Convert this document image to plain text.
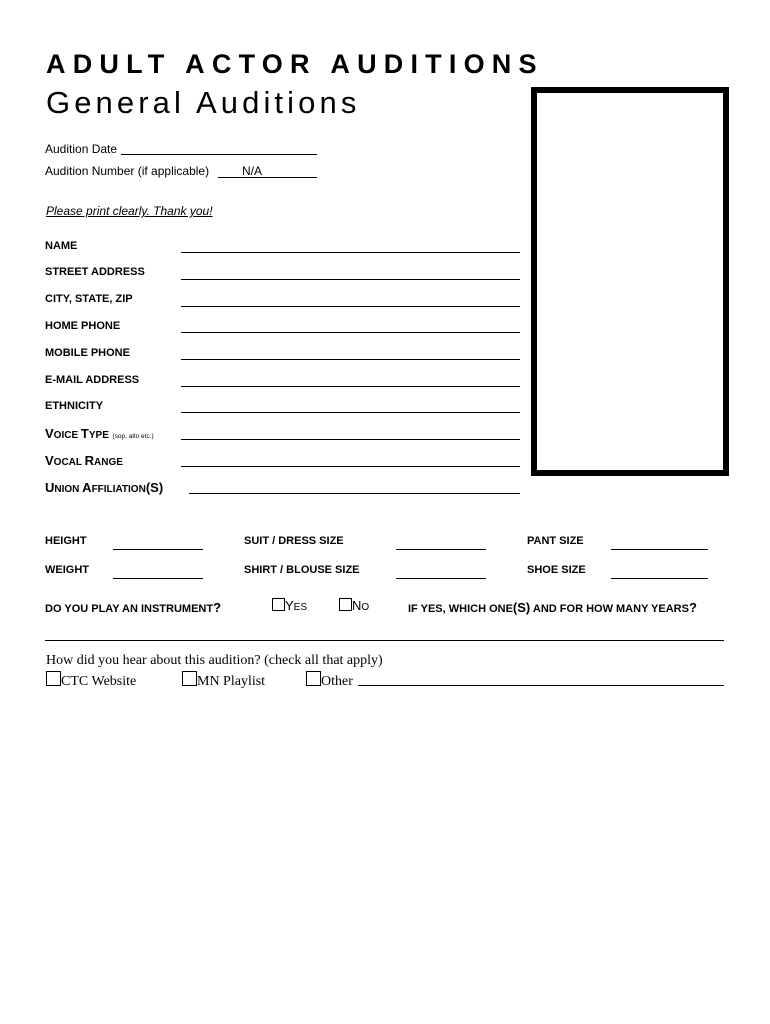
ADULT ACTOR AUDITIONS
General Auditions
Audition Date
Audition Number (if applicable)	N/A
Please print clearly. Thank you!
NAME
STREET ADDRESS
CITY, STATE, ZIP
HOME PHONE
MOBILE PHONE
E-MAIL ADDRESS
ETHNICITY
VOICE TYPE (sop, alto etc.)
VOCAL RANGE
UNION AFFILIATION(S)
HEIGHT	SUIT / DRESS SIZE	PANT SIZE
WEIGHT	SHIRT / BLOUSE SIZE	SHOE SIZE
DO YOU PLAY AN INSTRUMENT?	YES	NO	IF YES, WHICH ONE(S) AND FOR HOW MANY YEARS?
How did you hear about this audition? (check all that apply)
CTC Website	MN Playlist	Other
